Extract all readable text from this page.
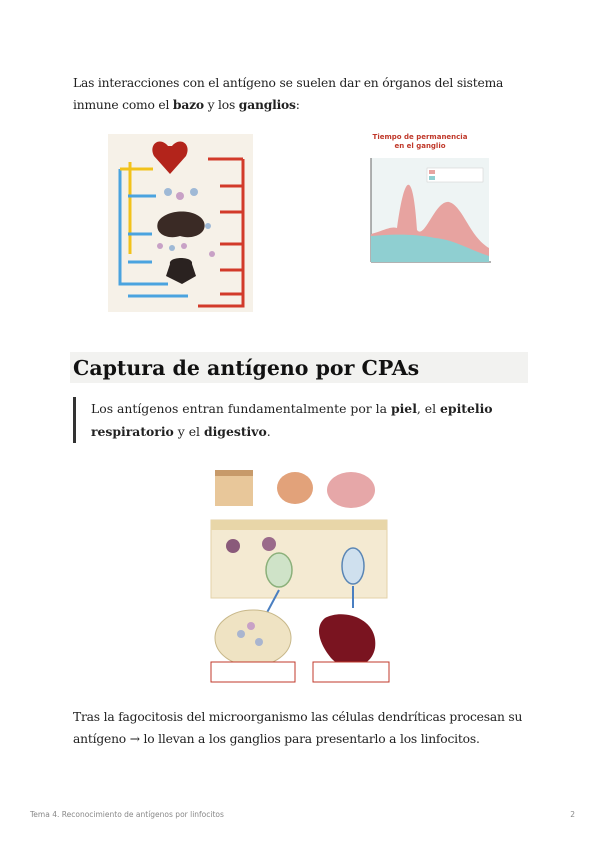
Las interacciones con el antígeno se suelen dar en órganos del sistema inmune como el bazo y los ganglios:
Tiempo de permanencia en el ganglio
Captura de antígeno por CPAs
Los antígenos entran fundamentalmente por la piel, el epitelio respiratorio y el digestivo.
Tras la fagocitosis del microorganismo las células dendríticas procesan su antígeno → lo llevan a los ganglios para presentarlo a los linfocitos.
Tema 4. Reconocimiento de antígenos por linfocitos	2
